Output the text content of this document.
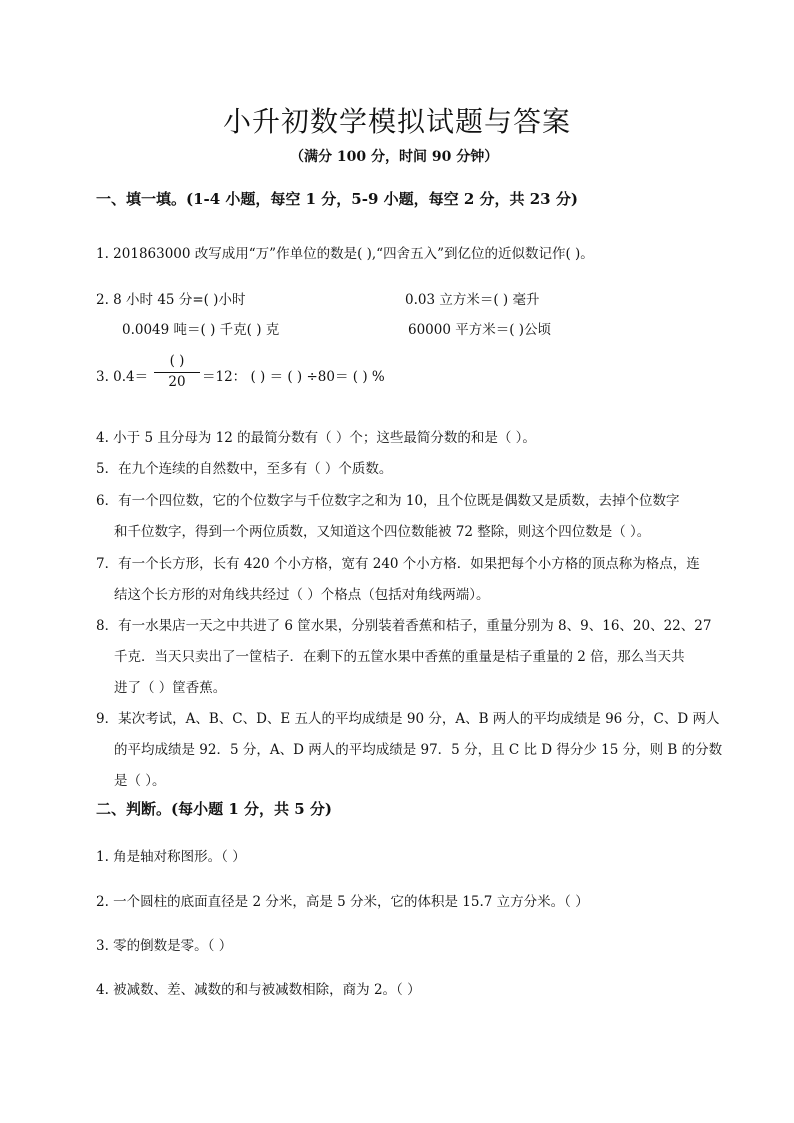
小升初数学模拟试题与答案
（满分 100 分，时间 90 分钟）
一、填一填。(1-4 小题，每空 1 分，5-9 小题，每空 2 分，共 23 分)
1. 201863000 改写成用“万”作单位的数是( ),“四舍五入”到亿位的近似数记作( )。
2. 8 小时 45 分=( )小时	0.03 立方米＝( ) 毫升
0.0049 吨＝( ) 千克( ) 克	60000 平方米＝( )公顷
3. 0.4＝
( )
20	＝12： ( ) ＝ ( ) ÷80＝ ( ) %
4. 小于 5 且分母为 12 的最简分数有（ ）个；这些最简分数的和是（ ）。
5．在九个连续的自然数中，至多有（ ）个质数。
6．有一个四位数，它的个位数字与千位数字之和为 10，且个位既是偶数又是质数，去掉个位数字
和千位数字，得到一个两位质数，又知道这个四位数能被 72 整除，则这个四位数是（ ）。
7．有一个长方形，长有 420 个小方格，宽有 240 个小方格．如果把每个小方格的顶点称为格点，连
结这个长方形的对角线共经过（ ）个格点（包括对角线两端）。
8．有一水果店一天之中共进了 6 筐水果，分别装着香蕉和桔子，重量分别为 8、9、16、20、22、27
千克．当天只卖出了一筐桔子．在剩下的五筐水果中香蕉的重量是桔子重量的 2 倍，那么当天共
进了（ ）筐香蕉。
9．某次考试，A、B、C、D、E 五人的平均成绩是 90 分，A、B 两人的平均成绩是 96 分，C、D 两人
的平均成绩是 92．5 分，A、D 两人的平均成绩是 97．5 分，且 C 比 D 得分少 15 分，则 B 的分数
是（ ）。
二、判断。(每小题 1 分，共 5 分)
1. 角是轴对称图形。（ ）
2. 一个圆柱的底面直径是 2 分米，高是 5 分米，它的体积是 15.7 立方分米。（ ）
3. 零的倒数是零。（ ）
4. 被减数、差、减数的和与被减数相除，商为 2。（ ）
